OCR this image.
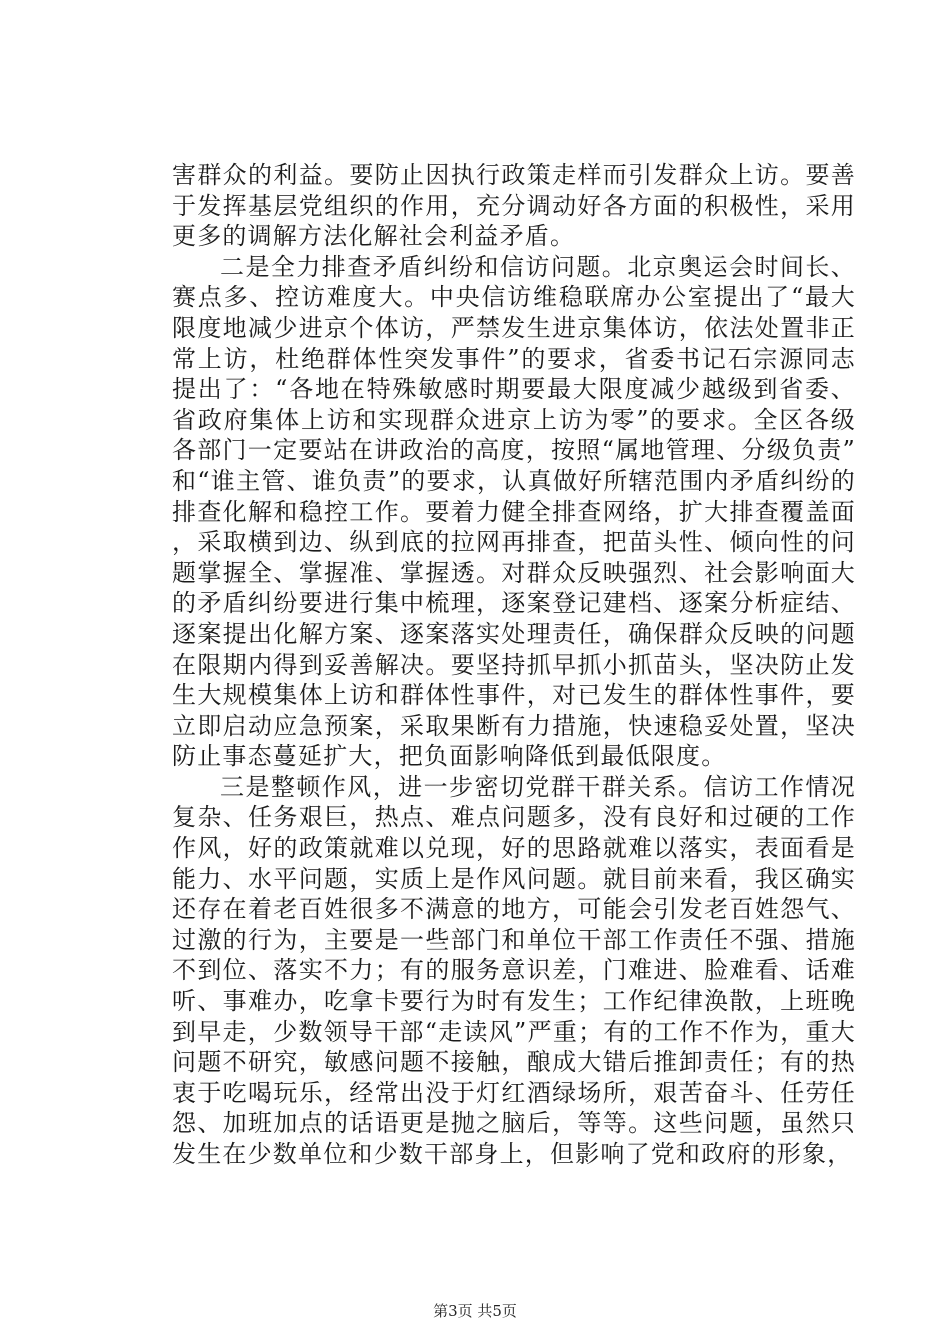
害群众的利益。要防止因执行政策走样而引发群众上访。要善于发挥基层党组织的作用，充分调动好各方面的积极性，采用更多的调解方法化解社会利益矛盾。

二是全力排查矛盾纠纷和信访问题。北京奥运会时间长、赛点多、控访难度大。中央信访维稳联席办公室提出了“最大限度地减少进京个体访，严禁发生进京集体访，依法处置非正常上访，杜绝群体性突发事件”的要求，省委书记石宗源同志提出了：“各地在特殊敏感时期要最大限度减少越级到省委、省政府集体上访和实现群众进京上访为零”的要求。全区各级各部门一定要站在讲政治的高度，按照“属地管理、分级负责”和“谁主管、谁负责”的要求，认真做好所辖范围内矛盾纠纷的排查化解和稳控工作。要着力健全排查网络，扩大排查覆盖面，采取横到边、纵到底的拉网再排查，把苗头性、倾向性的问题掌握全、掌握准、掌握透。对群众反映强烈、社会影响面大的矛盾纠纷要进行集中梳理，逐案登记建档、逐案分析症结、逐案提出化解方案、逐案落实处理责任，确保群众反映的问题在限期内得到妥善解决。要坚持抓早抓小抓苗头，坚决防止发生大规模集体上访和群体性事件，对已发生的群体性事件，要立即启动应急预案，采取果断有力措施，快速稳妥处置，坚决防止事态蔓延扩大，把负面影响降低到最低限度。

三是整顿作风，进一步密切党群干群关系。信访工作情况复杂、任务艰巨，热点、难点问题多，没有良好和过硬的工作作风，好的政策就难以兑现，好的思路就难以落实，表面看是能力、水平问题，实质上是作风问题。就目前来看，我区确实还存在着老百姓很多不满意的地方，可能会引发老百姓怨气、过激的行为，主要是一些部门和单位干部工作责任不强、措施不到位、落实不力；有的服务意识差，门难进、脸难看、话难听、事难办，吃拿卡要行为时有发生；工作纪律涣散，上班晚到早走，少数领导干部“走读风”严重；有的工作不作为，重大问题不研究，敏感问题不接触，酿成大错后推卸责任；有的热衷于吃喝玩乐，经常出没于灯红酒绿场所，艰苦奋斗、任劳任怨、加班加点的话语更是抛之脑后，等等。这些问题，虽然只发生在少数单位和少数干部身上，但影响了党和政府的形象，

第3页 共5页
